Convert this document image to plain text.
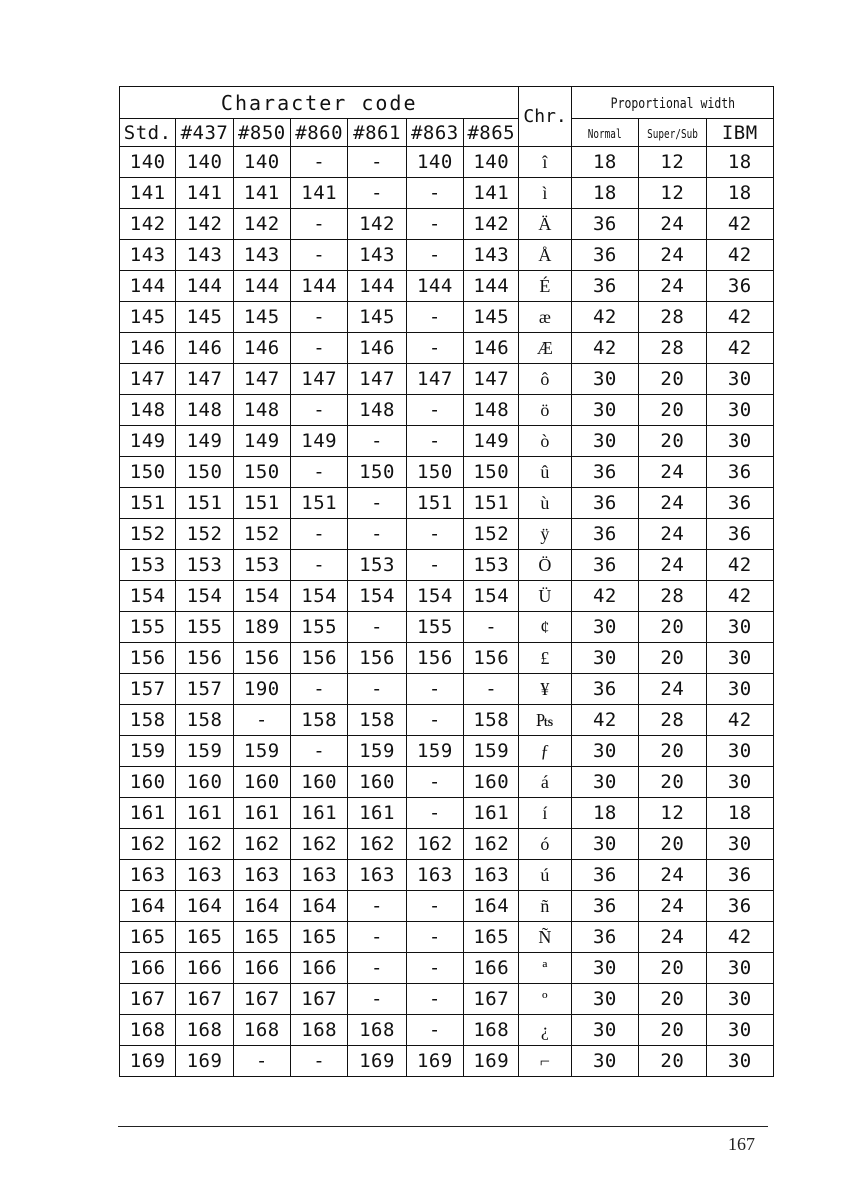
Character code							Chr.	Proportional width		
Std.	#437	#850	#860	#861	#863	#865		Normal	Super/Sub	IBM
140	140	140	-	-	140	140	î	18	12	18
141	141	141	141	-	-	141	ì	18	12	18
142	142	142	-	142	-	142	Ä	36	24	42
143	143	143	-	143	-	143	Å	36	24	42
144	144	144	144	144	144	144	É	36	24	36
145	145	145	-	145	-	145	æ	42	28	42
146	146	146	-	146	-	146	Æ	42	28	42
147	147	147	147	147	147	147	ô	30	20	30
148	148	148	-	148	-	148	ö	30	20	30
149	149	149	149	-	-	149	ò	30	20	30
150	150	150	-	150	150	150	û	36	24	36
151	151	151	151	-	151	151	ù	36	24	36
152	152	152	-	-	-	152	ÿ	36	24	36
153	153	153	-	153	-	153	Ö	36	24	42
154	154	154	154	154	154	154	Ü	42	28	42
155	155	189	155	-	155	-	¢	30	20	30
156	156	156	156	156	156	156	£	30	20	30
157	157	190	-	-	-	-	¥	36	24	30
158	158	-	158	158	-	158	₧	42	28	42
159	159	159	-	159	159	159	ƒ	30	20	30
160	160	160	160	160	-	160	á	30	20	30
161	161	161	161	161	-	161	í	18	12	18
162	162	162	162	162	162	162	ó	30	20	30
163	163	163	163	163	163	163	ú	36	24	36
164	164	164	164	-	-	164	ñ	36	24	36
165	165	165	165	-	-	165	Ñ	36	24	42
166	166	166	166	-	-	166	ª	30	20	30
167	167	167	167	-	-	167	º	30	20	30
168	168	168	168	168	-	168	¿	30	20	30
169	169	-	-	169	169	169	⌐	30	20	30
167
